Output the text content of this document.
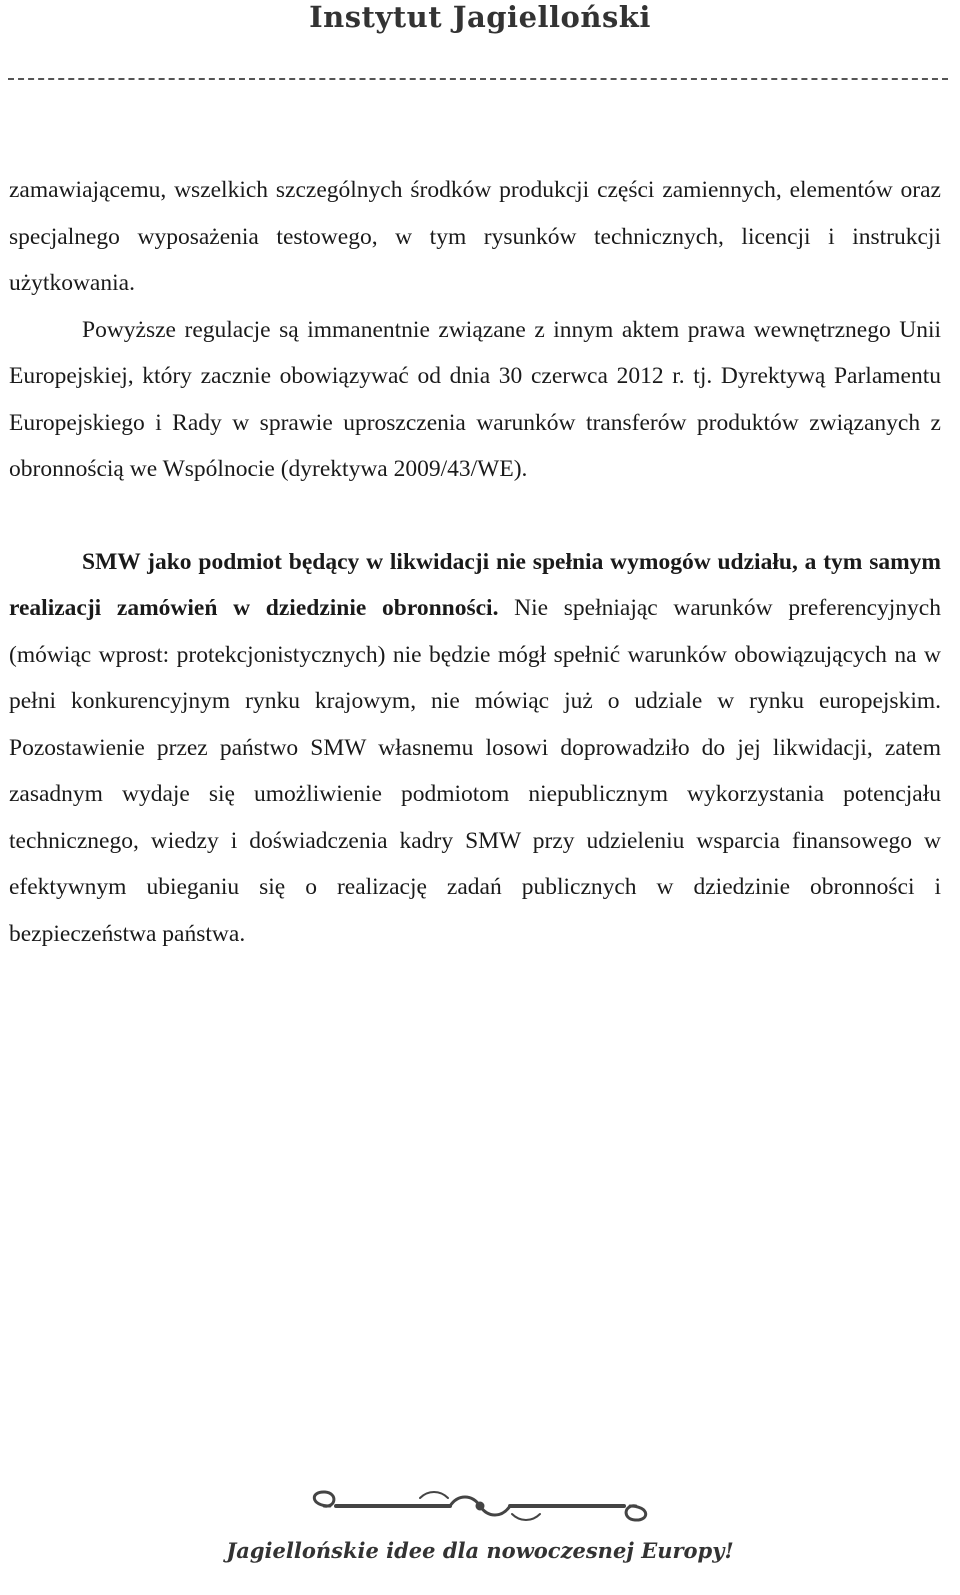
Instytut Jagielloński

zamawiającemu, wszelkich szczególnych środków produkcji części zamiennych, elementów oraz specjalnego wyposażenia testowego, w tym rysunków technicznych, licencji i instrukcji użytkowania.

Powyższe regulacje są immanentnie związane z innym aktem prawa wewnętrznego Unii Europejskiej, który zacznie obowiązywać od dnia 30 czerwca 2012 r. tj. Dyrektywą Parlamentu Europejskiego i Rady w sprawie uproszczenia warunków transferów produktów związanych z obronnością we Wspólnocie (dyrektywa 2009/43/WE).

SMW jako podmiot będący w likwidacji nie spełnia wymogów udziału, a tym samym realizacji zamówień w dziedzinie obronności. Nie spełniając warunków preferencyjnych (mówiąc wprost: protekcjonistycznych) nie będzie mógł spełnić warunków obowiązujących na w pełni konkurencyjnym rynku krajowym, nie mówiąc już o udziale w rynku europejskim. Pozostawienie przez państwo SMW własnemu losowi doprowadziło do jej likwidacji, zatem zasadnym wydaje się umożliwienie podmiotom niepublicznym wykorzystania potencjału technicznego, wiedzy i doświadczenia kadry SMW przy udzieleniu wsparcia finansowego w efektywnym ubieganiu się o realizację zadań publicznych w dziedzinie obronności i bezpieczeństwa państwa.

Jagiellońskie idee dla nowoczesnej Europy!
